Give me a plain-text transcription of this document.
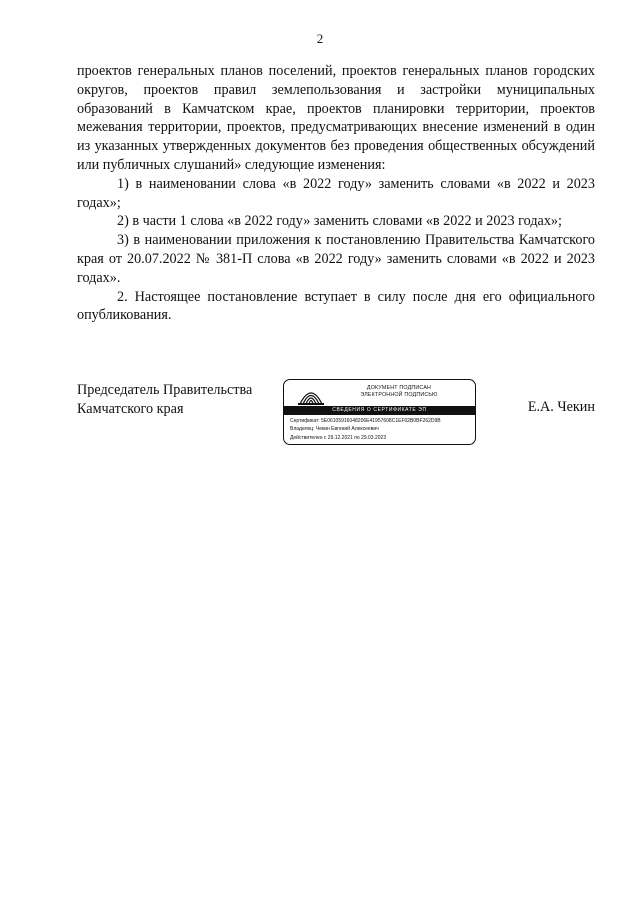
2

проектов генеральных планов поселений, проектов генеральных планов городских округов, проектов правил землепользования и застройки муниципальных образований в Камчатском крае, проектов планировки территории, проектов межевания территории, проектов, предусматривающих внесение изменений в один из указанных утвержденных документов без проведения общественных обсуждений или публичных слушаний» следующие изменения:

1) в наименовании слова «в 2022 году» заменить словами «в 2022 и 2023 годах»;

2) в части 1 слова «в 2022 году» заменить словами «в 2022 и 2023 годах»;

3) в наименовании приложения к постановлению Правительства Камчатского края от 20.07.2022 № 381-П слова «в 2022 году» заменить словами «в 2022 и 2023 годах».

2. Настоящее постановление вступает в силу после дня его официального опубликования.

Председатель Правительства
Камчатского края
ДОКУМЕНТ ПОДПИСАН
ЭЛЕКТРОННОЙ ПОДПИСЬЮ
СВЕДЕНИЯ О СЕРТИФИКАТЕ ЭП
Сертификат: 5E06105916048206E41957608C1EF02B0BF262D9B
Владелец: Чекин Евгений Алексеевич
Действителен с 29.12.2021 по 29.03.2023
Е.А. Чекин
